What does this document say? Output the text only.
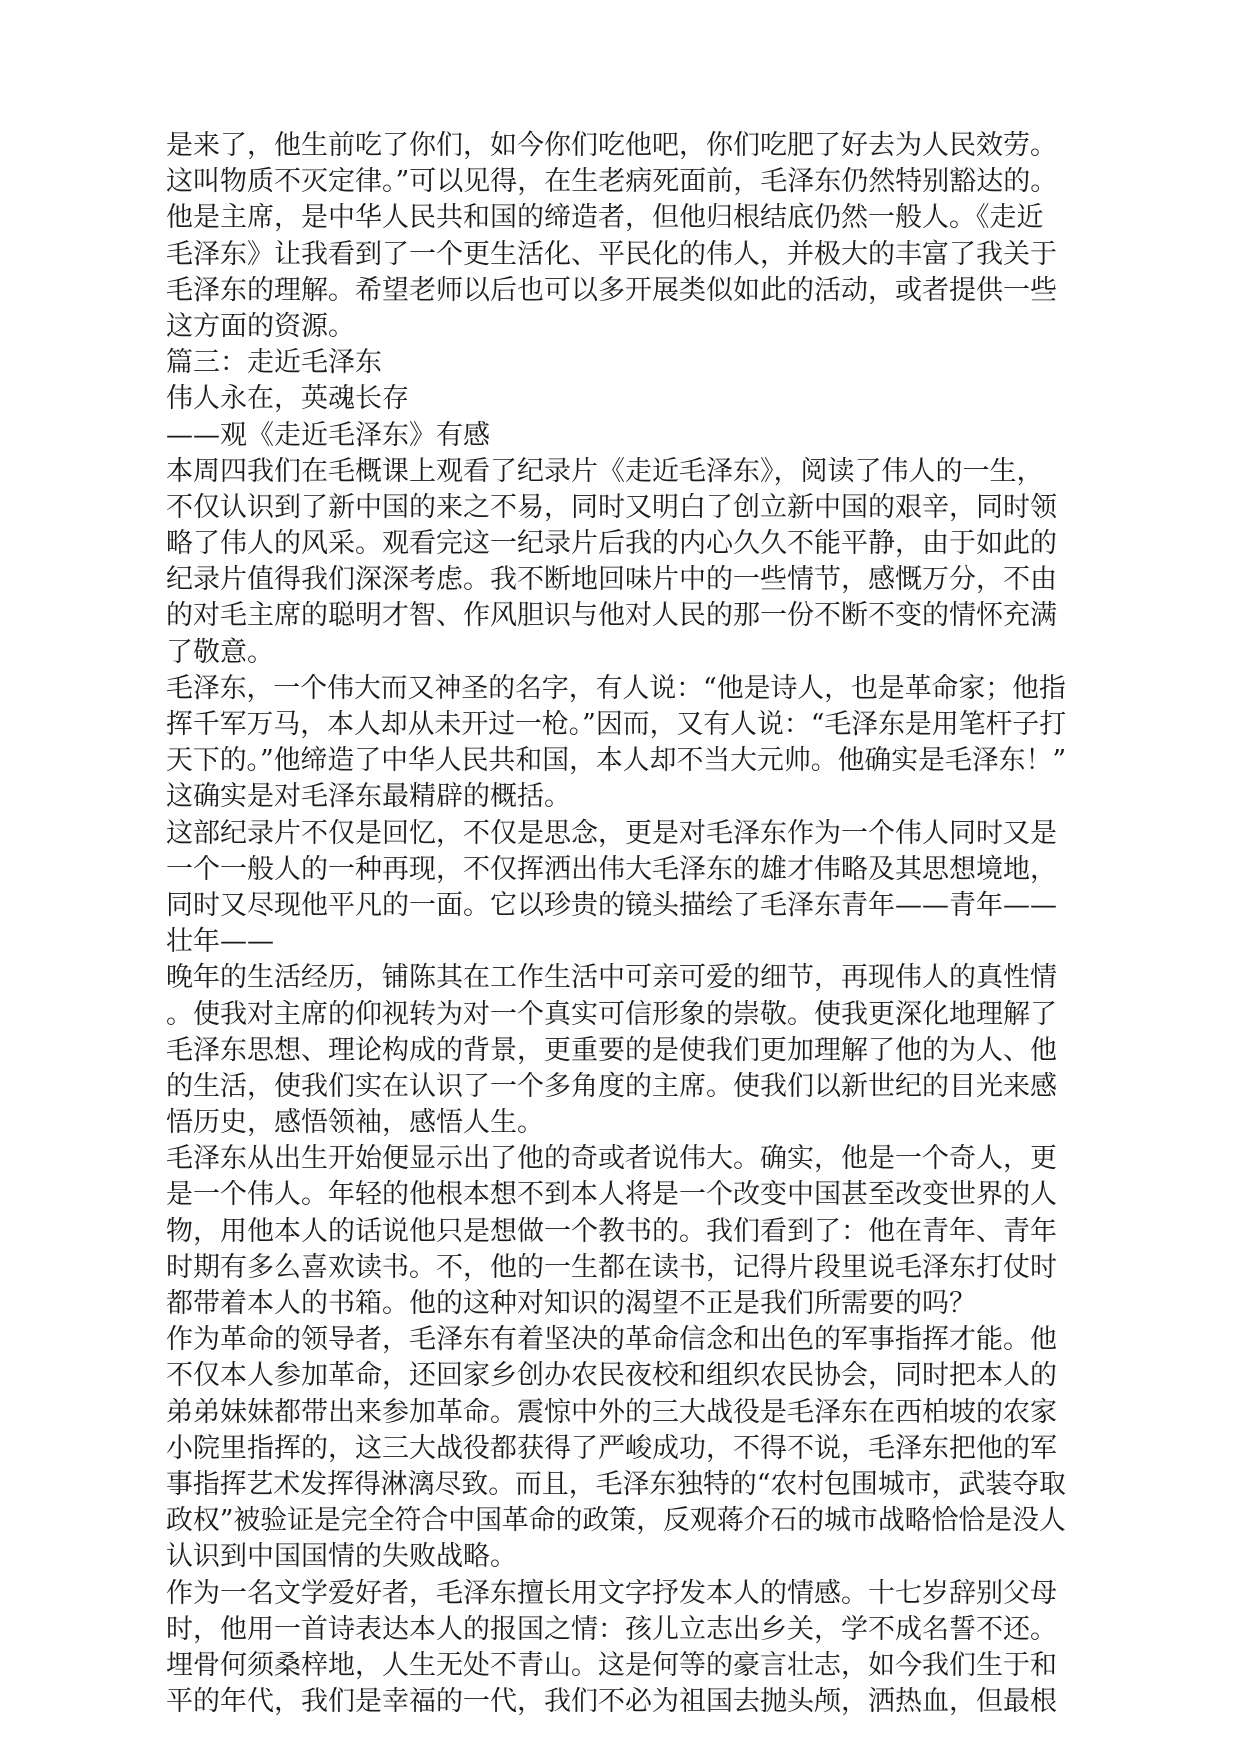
是来了，他生前吃了你们，如今你们吃他吧，你们吃肥了好去为人民效劳。
这叫物质不灭定律。”可以见得，在生老病死面前，毛泽东仍然特别豁达的。
他是主席，是中华人民共和国的缔造者，但他归根结底仍然一般人。《走近
毛泽东》让我看到了一个更生活化、平民化的伟人，并极大的丰富了我关于
毛泽东的理解。希望老师以后也可以多开展类似如此的活动，或者提供一些
这方面的资源。
篇三：走近毛泽东
伟人永在，英魂长存
——观《走近毛泽东》有感
本周四我们在毛概课上观看了纪录片《走近毛泽东》，阅读了伟人的一生，
不仅认识到了新中国的来之不易，同时又明白了创立新中国的艰辛，同时领
略了伟人的风采。观看完这一纪录片后我的内心久久不能平静，由于如此的
纪录片值得我们深深考虑。我不断地回味片中的一些情节，感慨万分，不由
的对毛主席的聪明才智、作风胆识与他对人民的那一份不断不变的情怀充满
了敬意。
毛泽东，一个伟大而又神圣的名字，有人说：“他是诗人，也是革命家；他指
挥千军万马，本人却从未开过一枪。”因而，又有人说：“毛泽东是用笔杆子打
天下的。”他缔造了中华人民共和国，本人却不当大元帅。他确实是毛泽东！”
这确实是对毛泽东最精辟的概括。
这部纪录片不仅是回忆，不仅是思念，更是对毛泽东作为一个伟人同时又是
一个一般人的一种再现，不仅挥洒出伟大毛泽东的雄才伟略及其思想境地，
同时又尽现他平凡的一面。它以珍贵的镜头描绘了毛泽东青年——青年——
壮年——
晚年的生活经历，铺陈其在工作生活中可亲可爱的细节，再现伟人的真性情
。使我对主席的仰视转为对一个真实可信形象的崇敬。使我更深化地理解了
毛泽东思想、理论构成的背景，更重要的是使我们更加理解了他的为人、他
的生活，使我们实在认识了一个多角度的主席。使我们以新世纪的目光来感
悟历史，感悟领袖，感悟人生。
毛泽东从出生开始便显示出了他的奇或者说伟大。确实，他是一个奇人，更
是一个伟人。年轻的他根本想不到本人将是一个改变中国甚至改变世界的人
物，用他本人的话说他只是想做一个教书的。我们看到了：他在青年、青年
时期有多么喜欢读书。不，他的一生都在读书，记得片段里说毛泽东打仗时
都带着本人的书箱。他的这种对知识的渴望不正是我们所需要的吗？
作为革命的领导者，毛泽东有着坚决的革命信念和出色的军事指挥才能。他
不仅本人参加革命，还回家乡创办农民夜校和组织农民协会，同时把本人的
弟弟妹妹都带出来参加革命。震惊中外的三大战役是毛泽东在西柏坡的农家
小院里指挥的，这三大战役都获得了严峻成功，不得不说，毛泽东把他的军
事指挥艺术发挥得淋漓尽致。而且，毛泽东独特的“农村包围城市，武装夺取
政权”被验证是完全符合中国革命的政策，反观蒋介石的城市战略恰恰是没人
认识到中国国情的失败战略。
作为一名文学爱好者，毛泽东擅长用文字抒发本人的情感。十七岁辞别父母
时，他用一首诗表达本人的报国之情：孩儿立志出乡关，学不成名誓不还。
埋骨何须桑梓地，人生无处不青山。这是何等的豪言壮志，如今我们生于和
平的年代，我们是幸福的一代，我们不必为祖国去抛头颅，洒热血，但最根
